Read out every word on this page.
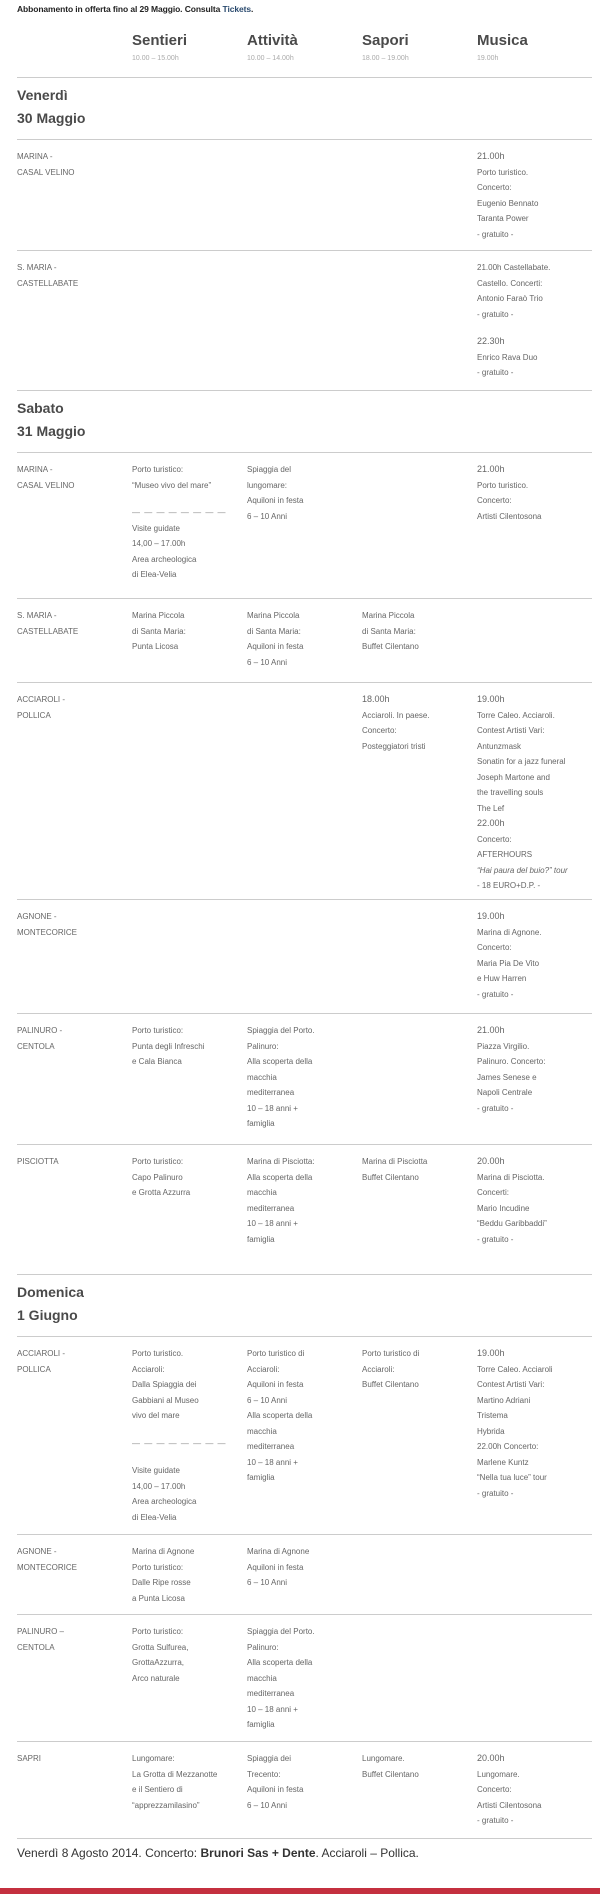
Abbonamento in offerta fino al 29 Maggio. Consulta Tickets.
Sentieri
10.00 – 15.00h
Attività
10.00 – 14.00h
Sapori
18.00 – 19.00h
Musica
19.00h
Venerdì
30 Maggio
MARINA -
CASAL VELINO
21.00h
Porto turistico.
Concerto:
Eugenio Bennato
Taranta Power
- gratuito -
S. MARIA -
CASTELLABATE
21.00h Castellabate.
Castello. Concerti:
Antonio Faraò Trio
- gratuito -
22.30h
Enrico Rava Duo
- gratuito -
Sabato
31 Maggio
MARINA -
CASAL VELINO
Porto turistico:
“Museo vivo del mare”
— — — — — — — —
Visite guidate
14,00 – 17.00h
Area archeologica
di Elea-Velia
Spiaggia del
lungomare:
Aquiloni in festa
6 – 10 Anni
21.00h
Porto turistico.
Concerto:
Artisti Cilentosona
S. MARIA -
CASTELLABATE
Marina Piccola
di Santa Maria:
Punta Licosa
Marina Piccola
di Santa Maria:
Aquiloni in festa
6 – 10 Anni
Marina Piccola
di Santa Maria:
Buffet Cilentano
ACCIAROLI -
POLLICA
18.00h
Acciaroli. In paese.
Concerto:
Posteggiatori tristi
19.00h
Torre Caleo. Acciaroli.
Contest Artisti Vari:
Antunzmask
Sonatin for a jazz funeral
Joseph Martone and
the travelling souls
The Lef
22.00h
Concerto:
AFTERHOURS
“Hai paura del buio?” tour
- 18 EURO+D.P. -
AGNONE -
MONTECORICE
19.00h
Marina di Agnone.
Concerto:
Maria Pia De Vito
e Huw Harren
- gratuito -
PALINURO -
CENTOLA
Porto turistico:
Punta degli Infreschi
e Cala Bianca
Spiaggia del Porto.
Palinuro:
Alla scoperta della
macchia
mediterranea
10 – 18 anni +
famiglia
21.00h
Piazza Virgilio.
Palinuro. Concerto:
James Senese e
Napoli Centrale
- gratuito -
PISCIOTTA	Porto turistico:
Capo Palinuro
e Grotta Azzurra
Marina di Pisciotta:
Alla scoperta della
macchia
mediterranea
10 – 18 anni +
famiglia
Marina di Pisciotta
Buffet Cilentano
20.00h
Marina di Pisciotta.
Concerti:
Mario Incudine
“Beddu Garibbaddi”
- gratuito -
Domenica
1 Giugno
ACCIAROLI -
POLLICA
Porto turistico.
Acciaroli:
Dalla Spiaggia dei
Gabbiani al Museo
vivo del mare
— — — — — — — —
Visite guidate
14,00 – 17.00h
Area archeologica
di Elea-Velia
Porto turistico di
Acciaroli:
Aquiloni in festa
6 – 10 Anni
Alla scoperta della
macchia
mediterranea
10 – 18 anni +
famiglia
Porto turistico di
Acciaroli:
Buffet Cilentano
19.00h
Torre Caleo. Acciaroli
Contest Artisti Vari:
Martino Adriani
Tristema
Hybrida
22.00h Concerto:
Marlene Kuntz
“Nella tua luce” tour
- gratuito -
AGNONE -
MONTECORICE
Marina di Agnone
Porto turistico:
Dalle Ripe rosse
a Punta Licosa
Marina di Agnone
Aquiloni in festa
6 – 10 Anni
PALINURO –
CENTOLA
Porto turistico:
Grotta Sulfurea,
GrottaAzzurra,
Arco naturale
Spiaggia del Porto.
Palinuro:
Alla scoperta della
macchia
mediterranea
10 – 18 anni +
famiglia
SAPRI	Lungomare:
La Grotta di Mezzanotte
e il Sentiero di
“apprezzamilasino”
Spiaggia dei
Trecento:
Aquiloni in festa
6 – 10 Anni
Lungomare.
Buffet Cilentano
20.00h
Lungomare.
Concerto:
Artisti Cilentosona
- gratuito -
Venerdì 8 Agosto 2014. Concerto: Brunori Sas + Dente. Acciaroli – Pollica.
